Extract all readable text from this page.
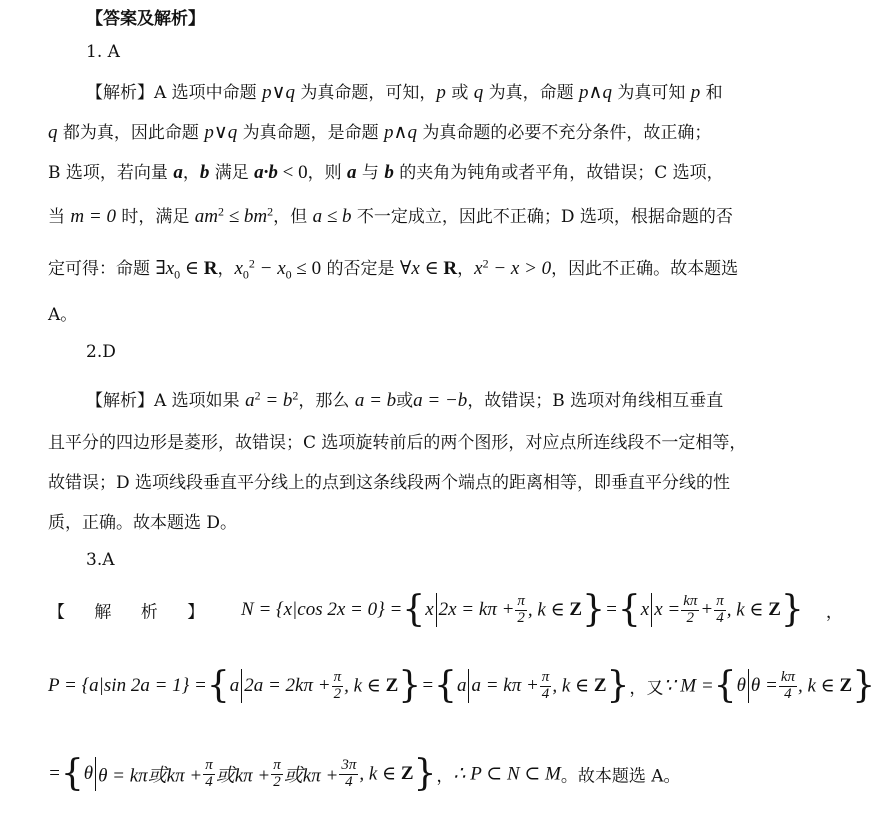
【答案及解析】
1. A
【解析】A 选项中命题 p∨q 为真命题，可知，p 或 q 为真，命题 p∧q 为真可知 p 和
q 都为真，因此命题 p∨q 为真命题，是命题 p∧q 为真命题的必要不充分条件，故正确；
B 选项，若向量 a，b 满足 a·b < 0，则 a 与 b 的夹角为钝角或者平角，故错误；C 选项，
当 m = 0 时，满足 $am^2 \le bm^2$，但 a ≤ b 不一定成立，因此不正确；D 选项，根据命题的否
定可得：命题 $\exists x_0$ ∈ R，$x_0^2 - x_0 \le 0$ 的否定是 ∀x ∈ R，$x^2 - x > 0$，因此不正确。故本题选
A。
2.D
【解析】A 选项如果 $a^2 = b^2$，那么 a = b或a = −b，故错误；B 选项对角线相互垂直
且平分的四边形是菱形，故错误；C 选项旋转前后的两个图形，对应点所连线段不一定相等，
故错误；D 选项线段垂直平分线上的点到这条线段两个端点的距离相等，即垂直平分线的性
质，正确。故本题选 D。
3.A
【 解 析 】 N = {x|cos 2x = 0} ={x $2x = k\pi + \frac{\pi}{2}$ , k ∈ Z}={x $x = \frac{k\pi}{2} + \frac{\pi}{4}$ , k ∈ Z} ，
P = {a|sin 2a = 1} ={a $2a = 2k\pi + \frac{\pi}{2}$ , k ∈ Z}={a $a = k\pi + \frac{\pi}{4}$ , k ∈ Z}，又∵ M ={θ $\theta = \frac{k\pi}{4}$ , k ∈ Z}
={θ θ = kπ或$k\pi + \frac{\pi}{4}$ 或$k\pi + \frac{\pi}{2}$ 或$k\pi + \frac{3\pi}{4}$ , k ∈ Z}，∴ P ⊂ N ⊂ M。故本题选 A。
